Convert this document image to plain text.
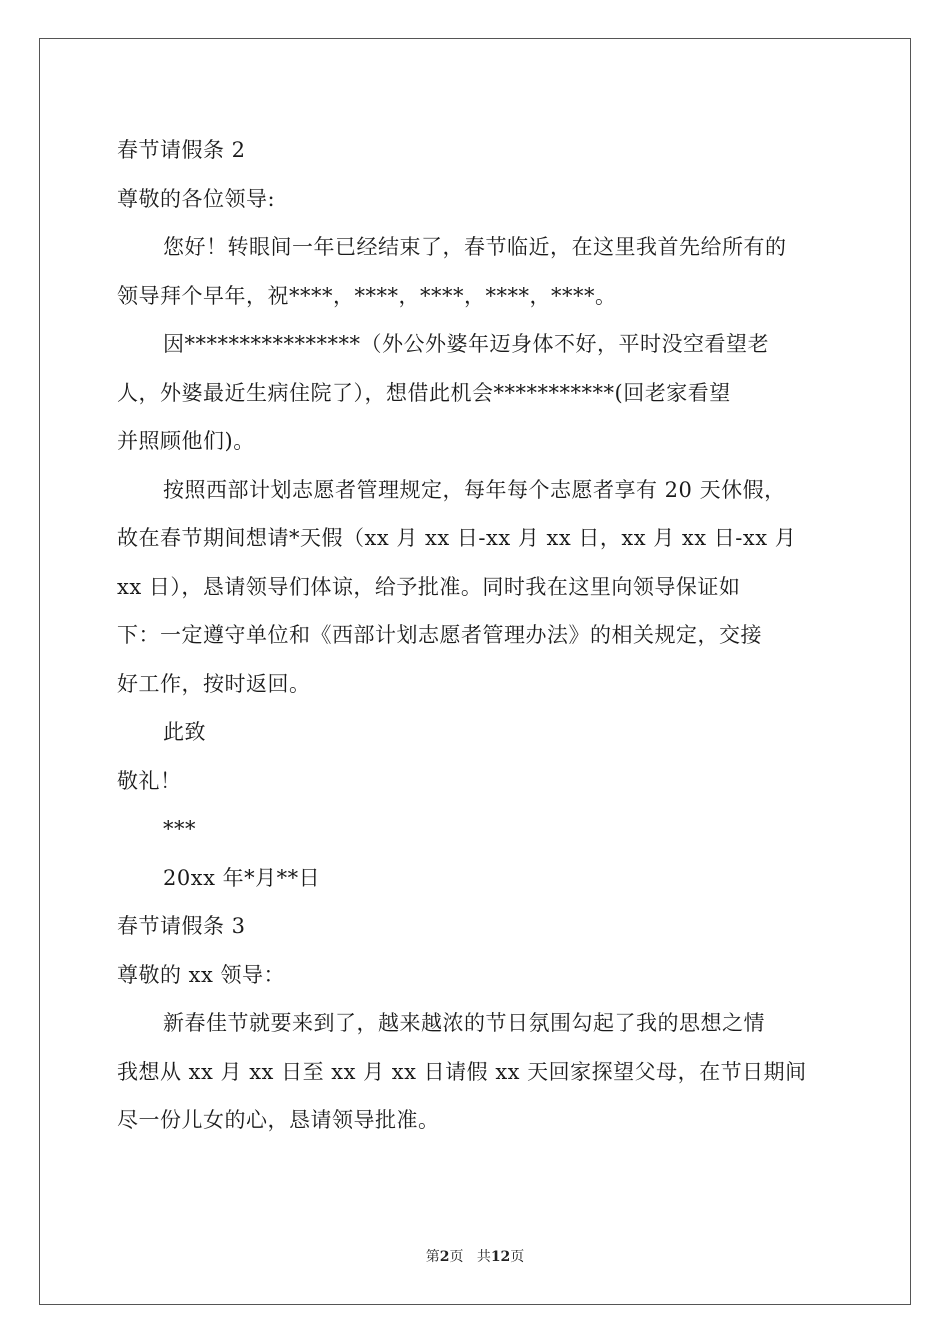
春节请假条 2

尊敬的各位领导:

您好！转眼间一年已经结束了，春节临近，在这里我首先给所有的

领导拜个早年，祝****，****，****，****，****。

因****************（外公外婆年迈身体不好，平时没空看望老

人，外婆最近生病住院了），想借此机会***********(回老家看望

并照顾他们)。

按照西部计划志愿者管理规定，每年每个志愿者享有 20 天休假，

故在春节期间想请*天假（xx 月 xx 日-xx 月 xx 日，xx 月 xx 日-xx 月

xx 日），恳请领导们体谅，给予批准。同时我在这里向领导保证如

下：一定遵守单位和《西部计划志愿者管理办法》的相关规定，交接

好工作，按时返回。

此致

敬礼！

***

20xx 年*月**日

春节请假条 3

尊敬的 xx 领导：

新春佳节就要来到了，越来越浓的节日氛围勾起了我的思想之情

我想从 xx 月 xx 日至 xx 月 xx 日请假 xx 天回家探望父母，在节日期间

尽一份儿女的心，恳请领导批准。

第2页 共12页
